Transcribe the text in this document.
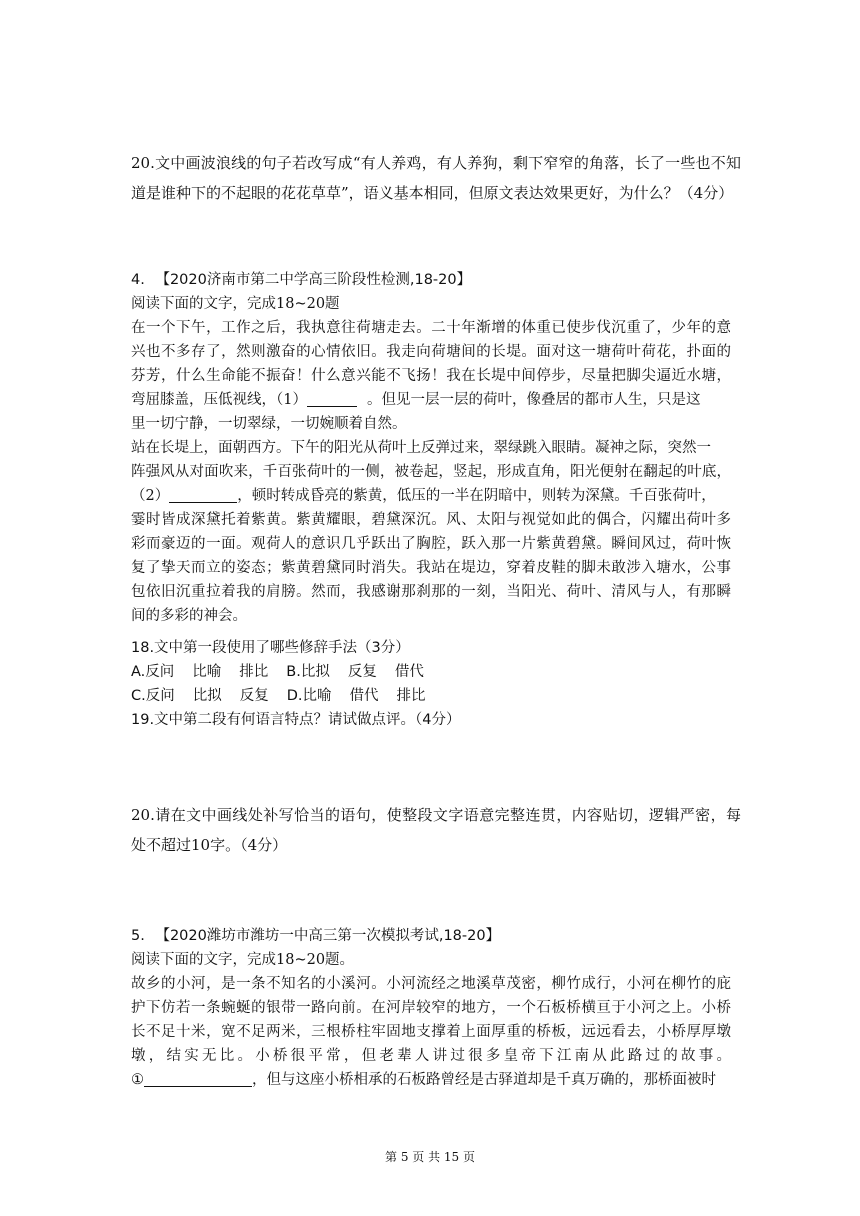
20.文中画波浪线的句子若改写成“有人养鸡，有人养狗，剩下窄窄的角落，长了一些也不知
道是谁种下的不起眼的花花草草”，语义基本相同，但原文表达效果更好，为什么？（4分）
4. 【2020济南市第二中学高三阶段性检测,18-20】
阅读下面的文字，完成18~20题
在一个下午，工作之后，我执意往荷塘走去。二十年渐增的体重已使步伐沉重了，少年的意
兴也不多存了，然则激奋的心情依旧。我走向荷塘间的长堤。面对这一塘荷叶荷花，扑面的
芬芳，什么生命能不振奋！什么意兴能不飞扬！我在长堤中间停步，尽量把脚尖逼近水塘，
弯屈膝盖，压低视线，（1）	。但见一层一层的荷叶，像叠居的都市人生，只是这
里一切宁静，一切翠绿，一切婉顺着自然。
站在长堤上，面朝西方。下午的阳光从荷叶上反弹过来，翠绿跳入眼睛。凝神之际，突然一
阵强风从对面吹来，千百张荷叶的一侧，被卷起，竖起，形成直角，阳光便射在翻起的叶底，
（2）	，顿时转成昏亮的紫黄，低压的一半在阴暗中，则转为深黛。千百张荷叶，
霎时皆成深黛托着紫黄。紫黄耀眼，碧黛深沉。风、太阳与视觉如此的偶合，闪耀出荷叶多
彩而豪迈的一面。观荷人的意识几乎跃出了胸腔，跃入那一片紫黄碧黛。瞬间风过，荷叶恢
复了挚天而立的姿态；紫黄碧黛同时消失。我站在堤边，穿着皮鞋的脚未敢涉入塘水，公事
包依旧沉重拉着我的肩膀。然而，我感谢那刹那的一刻，当阳光、荷叶、清风与人，有那瞬
间的多彩的神会。
18.文中第一段使用了哪些修辞手法（3分）
A.反问 比喻 排比 B.比拟 反复 借代
C.反问 比拟 反复 D.比喻 借代 排比
19.文中第二段有何语言特点？请试做点评。（4分）
20.请在文中画线处补写恰当的语句，使整段文字语意完整连贯，内容贴切，逻辑严密，每
处不超过10字。（4分）
5. 【2020潍坊市潍坊一中高三第一次模拟考试,18-20】
阅读下面的文字，完成18~20题。
故乡的小河，是一条不知名的小溪河。小河流经之地溪草茂密，柳竹成行，小河在柳竹的庇
护下仿若一条蜿蜒的银带一路向前。在河岸较窄的地方，一个石板桥横亘于小河之上。小桥
长不足十米，宽不足两米，三根桥柱牢固地支撑着上面厚重的桥板，远远看去，小桥厚厚墩
墩，结实无比。小桥很平常，但老辈人讲过很多皇帝下江南从此路过的故事。
①	，但与这座小桥相承的石板路曾经是古驿道却是千真万确的，那桥面被时
第 5 页 共 15 页
